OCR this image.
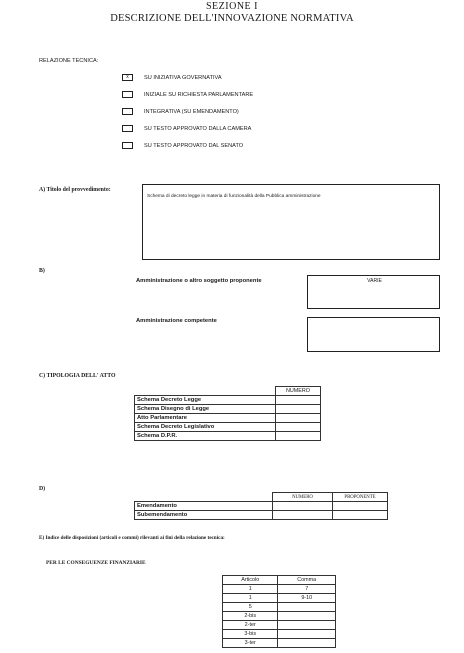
SEZIONE I
DESCRIZIONE DELL'INNOVAZIONE NORMATIVA
RELAZIONE TECNICA:
x	SU INIZIATIVA GOVERNATIVA
INIZIALE SU RICHIESTA PARLAMENTARE
INTEGRATIVA (SU EMENDAMENTO)
SU TESTO APPROVATO DALLA CAMERA
SU TESTO APPROVATO DAL SENATO
A) Titolo del provvedimento:
Schema di decreto legge in materia di funzionalità della Pubblica amministrazione
B)
Amministrazione o altro soggetto proponente	VARIE
Amministrazione competente
C) TIPOLOGIA DELL' ATTO
	NUMERO
Schema Decreto Legge	
Schema Disegno di Legge	
Atto Parlamentare	
Schema Decreto Legislativo	
Schema D.P.R.	
D)
	NUMERO	PROPONENTE
Emendamento		
Subemendamento		
E) Indice delle disposizioni (articoli e commi) rilevanti ai fini della relazione tecnica:
PER LE CONSEGUENZE FINANZIARIE
Articolo	Comma
1	7
1	9-10
5	
2-bis	
2-ter	
3-bis	
3-ter	
